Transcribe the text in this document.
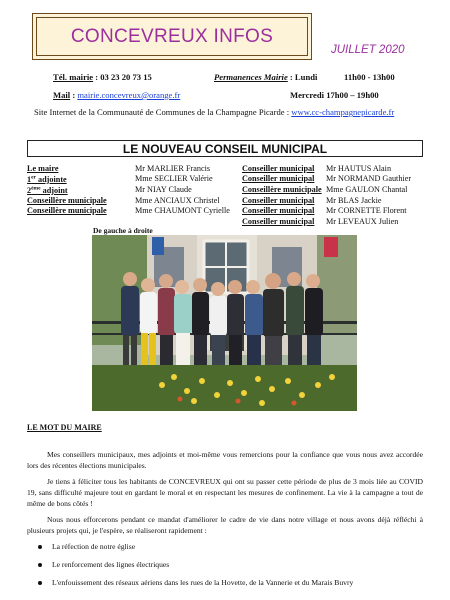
CONCEVREUX INFOS
JUILLET 2020
Tél. mairie : 03 23 20 73 15	Permanences Mairie : Lundi	11h00 - 13h00
Mail : mairie.concevreux@orange.fr	Mercredi 17h00 – 19h00
Site Internet de la Communauté de Communes de la Champagne Picarde : www.cc-champagnepicarde.fr
LE NOUVEAU CONSEIL MUNICIPAL
Le maire	Mr MARLIER Francis
1er adjointe	Mme SECLIER Valérie
2ème adjoint	Mr NIAY Claude
Conseillère municipale	Mme ANCIAUX Christel
Conseillère municipale	Mme CHAUMONT Cyrielle
Conseiller municipal Mr HAUTUS Alain
Conseiller municipal Mr NORMAND Gauthier
Conseillère municipale Mme GAULON Chantal
Conseiller municipal Mr BLAS Jackie
Conseiller municipal Mr CORNETTE Florent
Conseiller municipal Mr LEVEAUX Julien
De gauche à droite
LE MOT DU MAIRE
Mes conseillers municipaux, mes adjoints et moi-même vous remercions pour la confiance que vous nous avez accordée lors des récentes élections municipales.
Je tiens à féliciter tous les habitants de CONCEVREUX qui ont su passer cette période de plus de 3 mois liée au COVID 19, sans difficulté majeure tout en gardant le moral et en respectant les mesures de confinement. La vie à la campagne a tout de même de bons côtés !
Nous nous efforcerons pendant ce mandat d'améliorer le cadre de vie dans notre village et nous avons déjà réfléchi à plusieurs projets qui, je l'espère, se réaliseront rapidement :
La réfection de notre église
Le renforcement des lignes électriques
L'enfouissement des réseaux aériens dans les rues de la Hovette, de la Vannerie et du Marais Buvry
